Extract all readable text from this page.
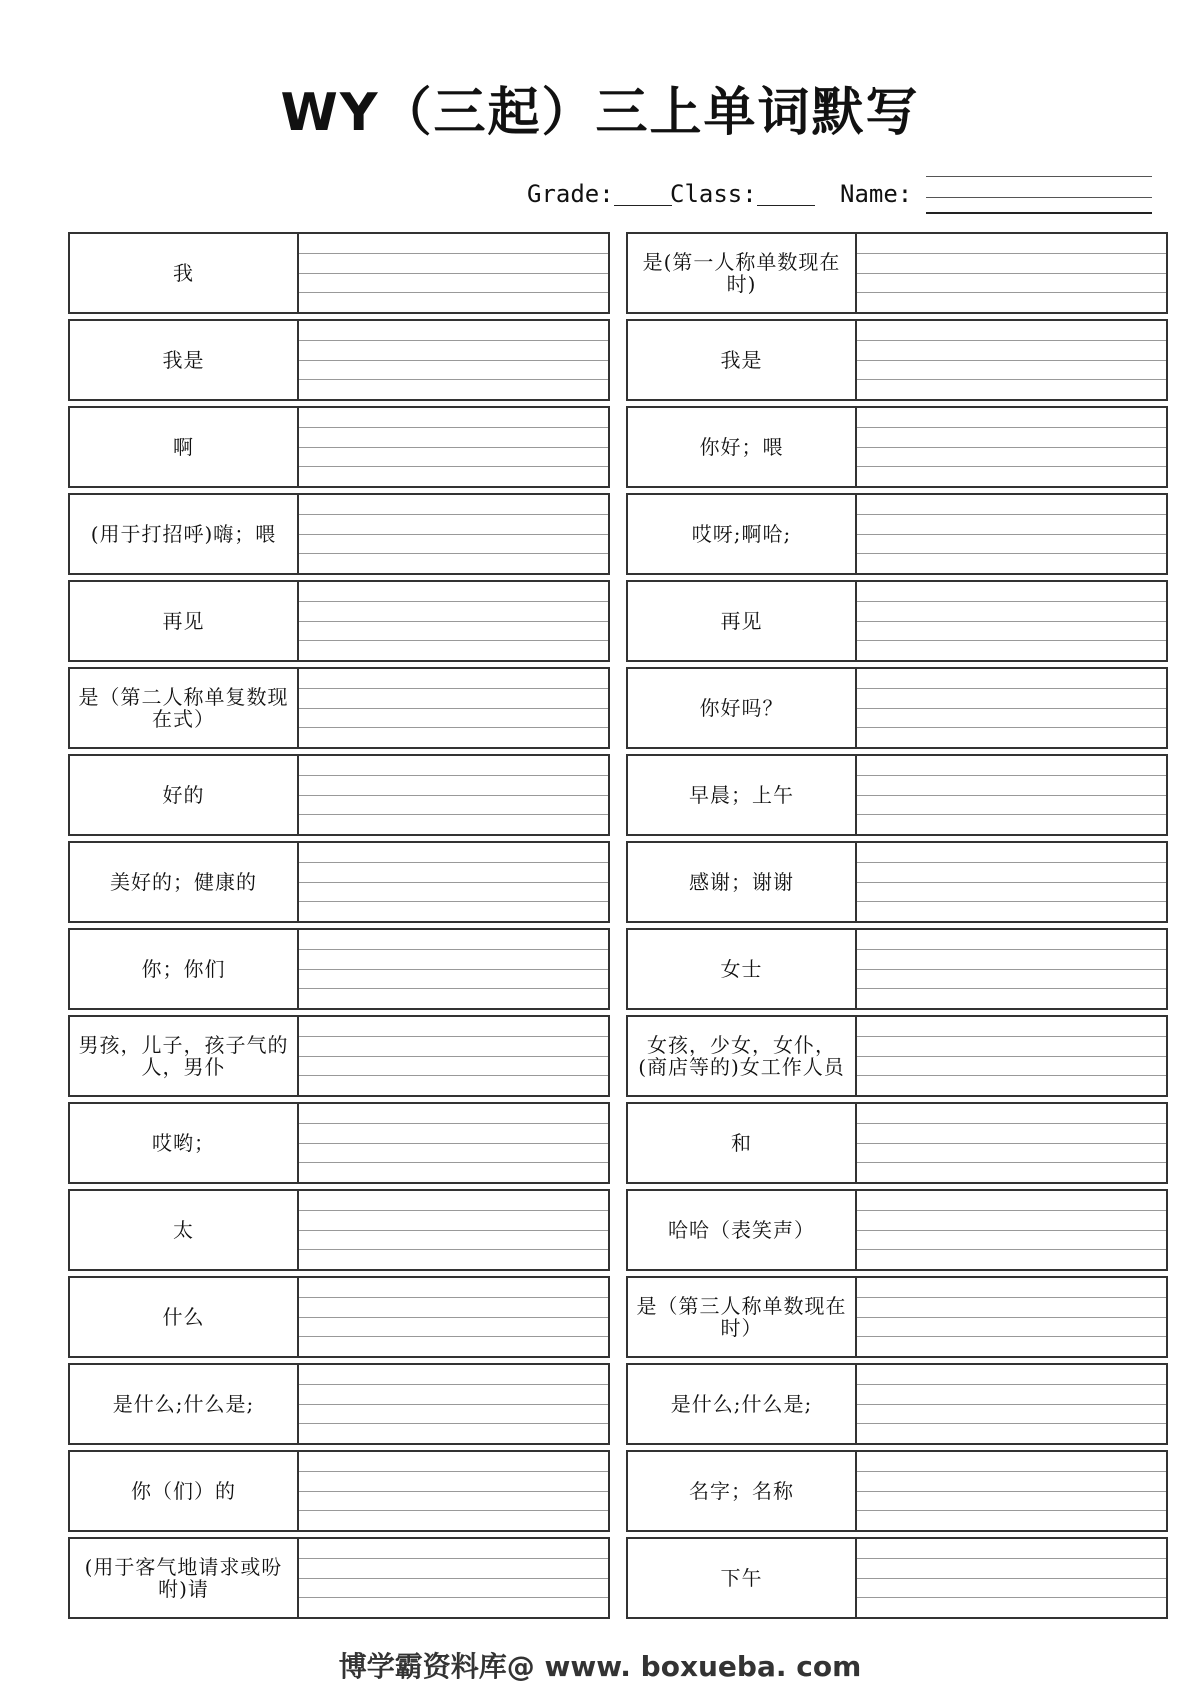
WY（三起）三上单词默写
Grade:	Class:	Name:
我
我是
啊
(用于打招呼)嗨；喂
再见
是（第二人称单复数现在式）
好的
美好的；健康的
你；你们
男孩，儿子，孩子气的人，男仆
哎哟；
太
什么
是什么;什么是;
你（们）的
(用于客气地请求或吩咐)请
是(第一人称单数现在时)
我是
你好；喂
哎呀;啊哈;
再见
你好吗？
早晨；上午
感谢；谢谢
女士
女孩，少女，女仆，(商店等的)女工作人员
和
哈哈（表笑声）
是（第三人称单数现在时）
是什么;什么是;
名字；名称
下午
博学霸资料库@ www. boxueba. com
